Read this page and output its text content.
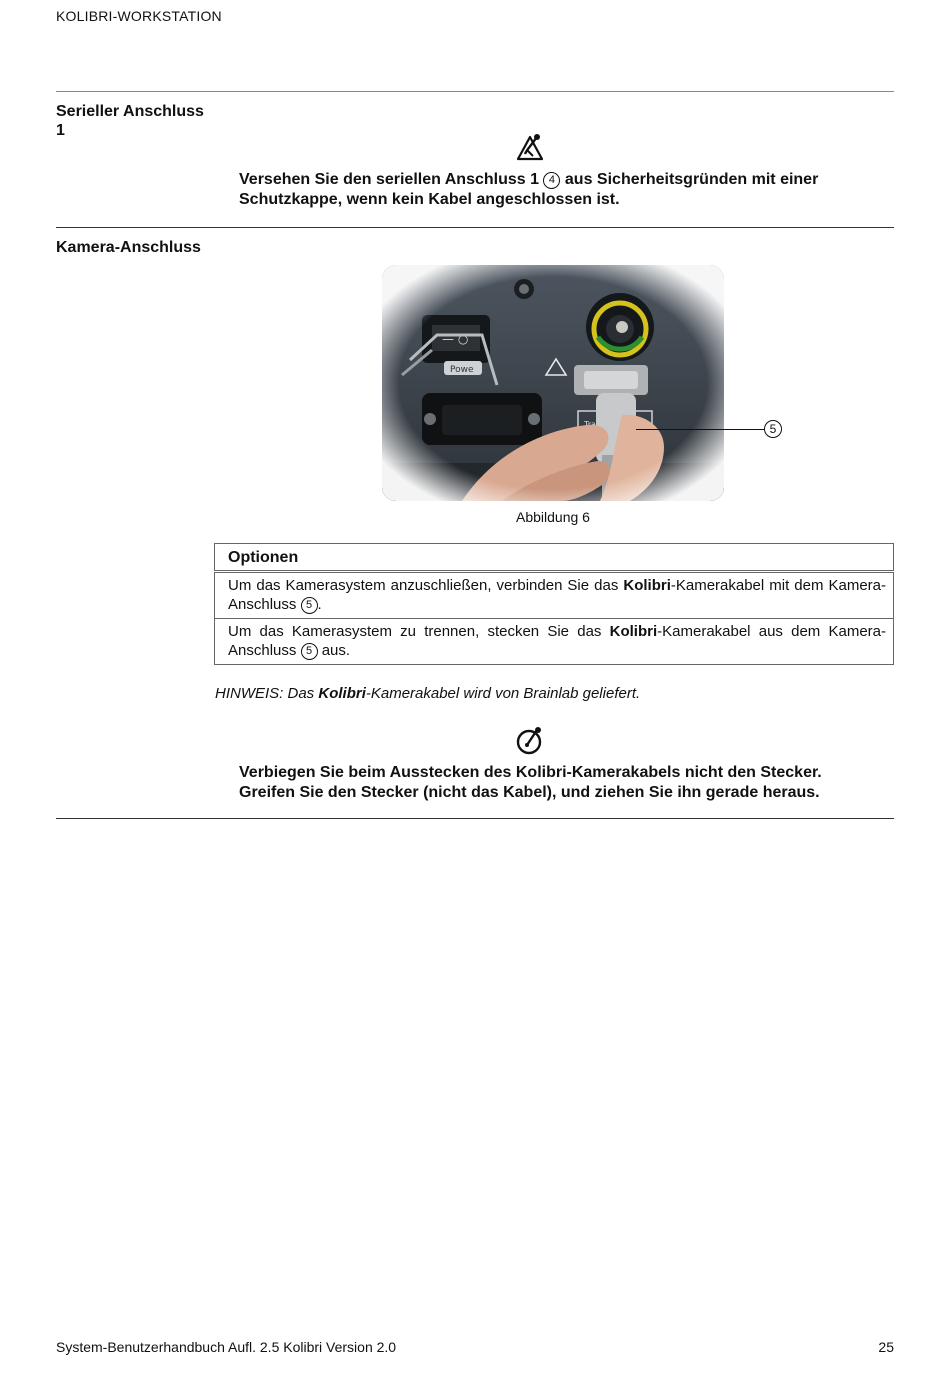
KOLIBRI-WORKSTATION
Serieller Anschluss
1
Versehen Sie den seriellen Anschluss 1 4 aus Sicherheitsgründen mit einer Schutzkappe, wenn kein Kabel angeschlossen ist.
Kamera-Anschluss
5
Abbildung 6
Optionen
Um das Kamerasystem anzuschließen, verbinden Sie das Kolibri-Kamerakabel mit dem Kamera-Anschluss 5 .
Um das Kamerasystem zu trennen, stecken Sie das Kolibri-Kamerakabel aus dem Kamera-Anschluss 5 aus.
HINWEIS: Das Kolibri-Kamerakabel wird von Brainlab geliefert.
Verbiegen Sie beim Ausstecken des Kolibri-Kamerakabels nicht den Stecker. Greifen Sie den Stecker (nicht das Kabel), und ziehen Sie ihn gerade heraus.
System-Benutzerhandbuch Aufl. 2.5 Kolibri Version 2.0	25
